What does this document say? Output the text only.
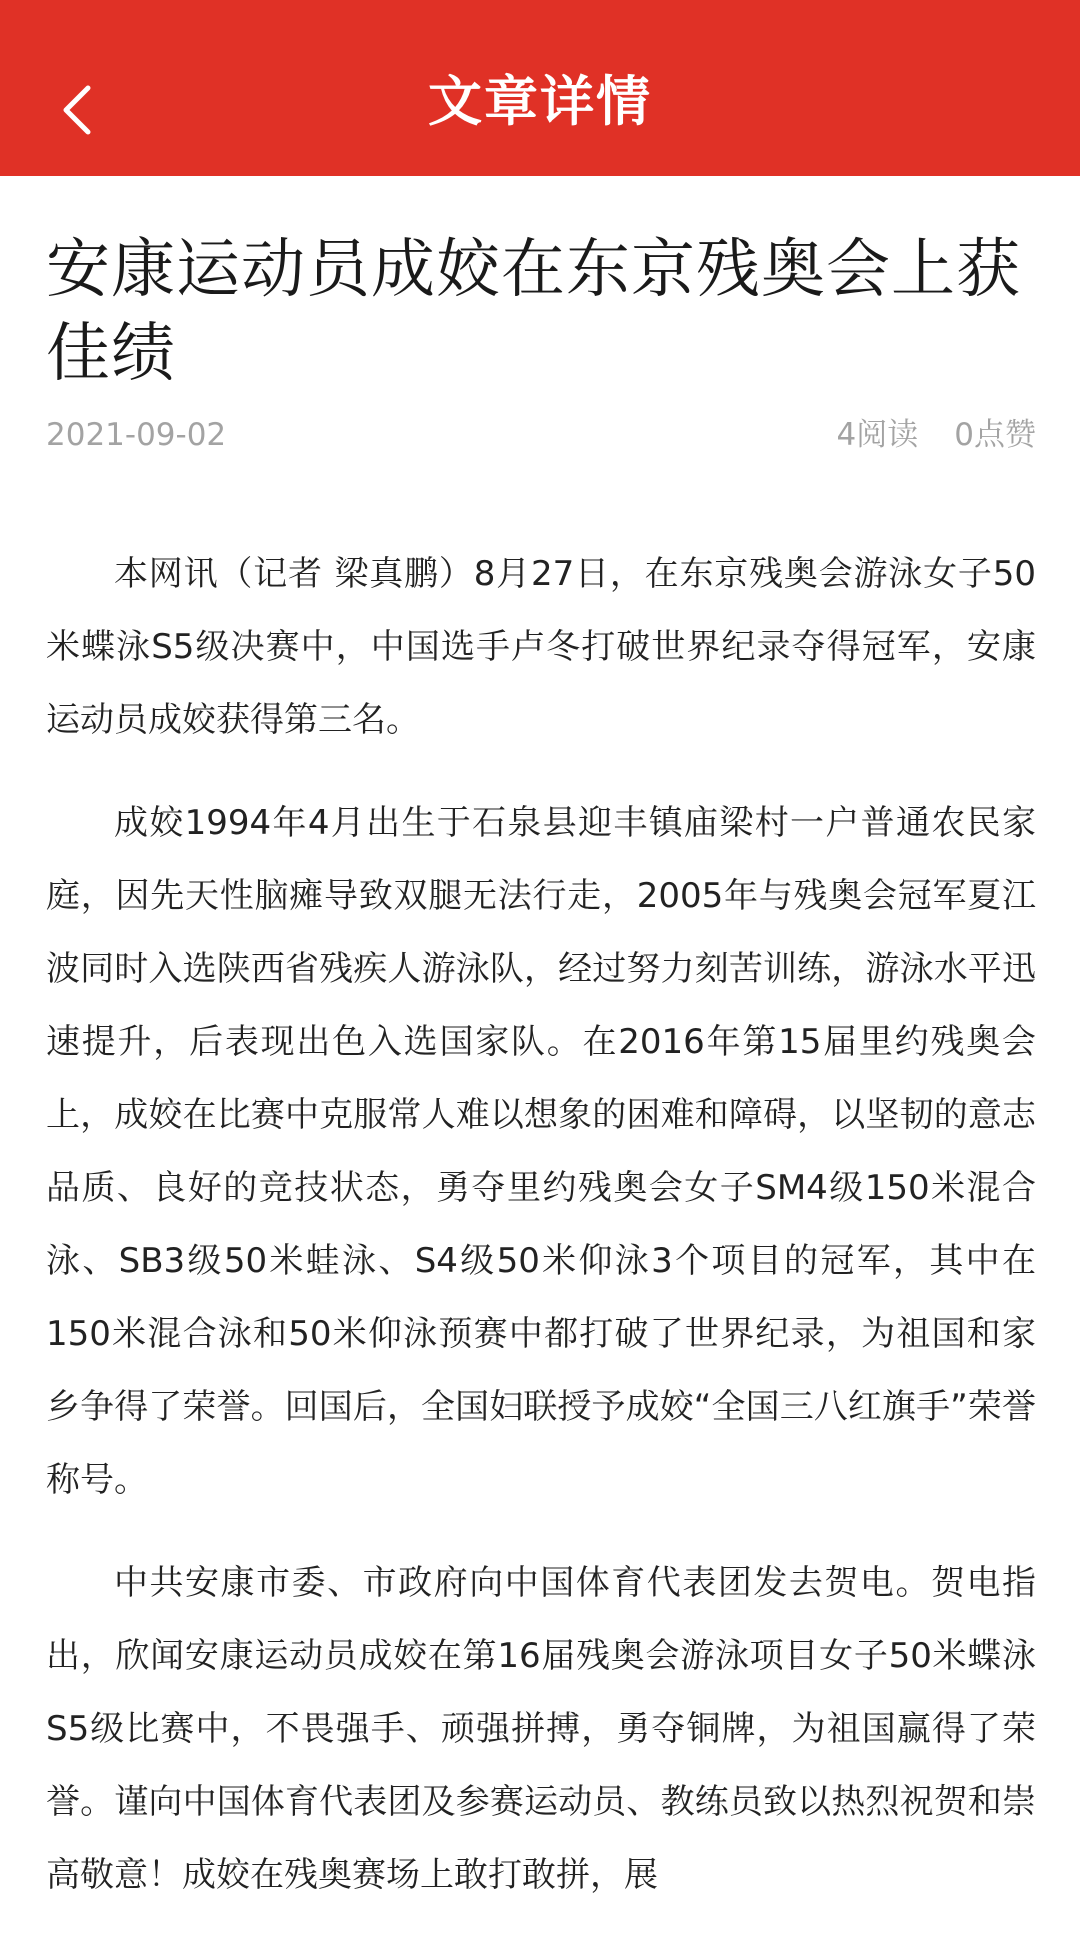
文章详情
安康运动员成姣在东京残奥会上获佳绩
2021-09-02	4阅读 0点赞

本网讯（记者 梁真鹏）8月27日，在东京残奥会游泳女子50米蝶泳S5级决赛中，中国选手卢冬打破世界纪录夺得冠军，安康运动员成姣获得第三名。

成姣1994年4月出生于石泉县迎丰镇庙梁村一户普通农民家庭，因先天性脑瘫导致双腿无法行走，2005年与残奥会冠军夏江波同时入选陕西省残疾人游泳队，经过努力刻苦训练，游泳水平迅速提升，后表现出色入选国家队。在2016年第15届里约残奥会上，成姣在比赛中克服常人难以想象的困难和障碍，以坚韧的意志品质、良好的竞技状态，勇夺里约残奥会女子SM4级150米混合泳、SB3级50米蛙泳、S4级50米仰泳3个项目的冠军，其中在150米混合泳和50米仰泳预赛中都打破了世界纪录，为祖国和家乡争得了荣誉。回国后，全国妇联授予成姣“全国三八红旗手”荣誉称号。

中共安康市委、市政府向中国体育代表团发去贺电。贺电指出，欣闻安康运动员成姣在第16届残奥会游泳项目女子50米蝶泳S5级比赛中，不畏强手、顽强拼搏，勇夺铜牌，为祖国赢得了荣誉。谨向中国体育代表团及参赛运动员、教练员致以热烈祝贺和崇高敬意！成姣在残奥赛场上敢打敢拼，展
